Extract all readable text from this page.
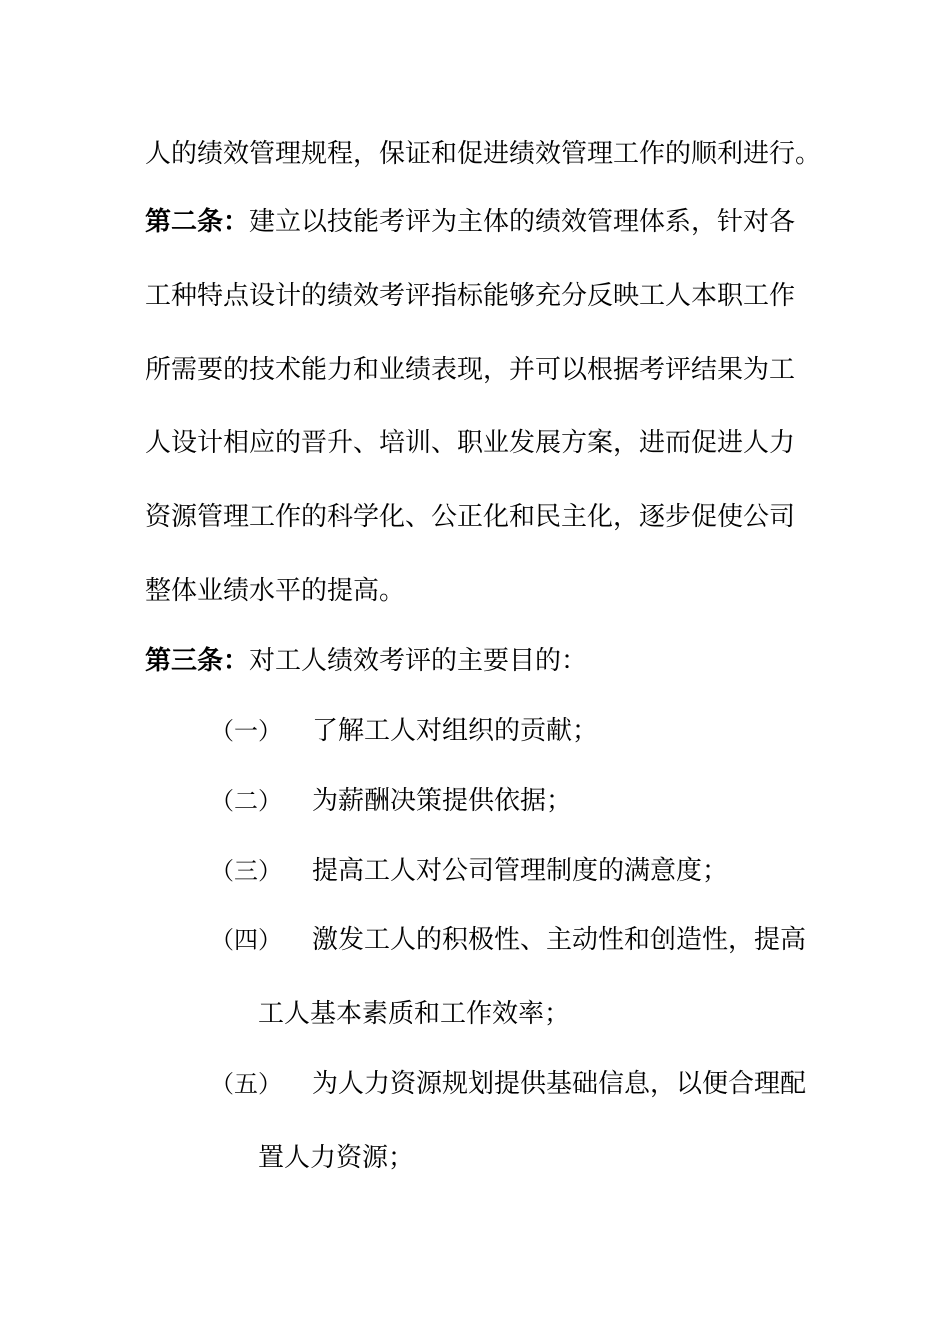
人的绩效管理规程，保证和促进绩效管理工作的顺利进行。
第二条：建立以技能考评为主体的绩效管理体系，针对各
工种特点设计的绩效考评指标能够充分反映工人本职工作
所需要的技术能力和业绩表现，并可以根据考评结果为工
人设计相应的晋升、培训、职业发展方案，进而促进人力
资源管理工作的科学化、公正化和民主化，逐步促使公司
整体业绩水平的提高。
第三条：对工人绩效考评的主要目的：
（一） 了解工人对组织的贡献；
（二） 为薪酬决策提供依据；
（三） 提高工人对公司管理制度的满意度；
（四） 激发工人的积极性、主动性和创造性，提高
工人基本素质和工作效率；
（五） 为人力资源规划提供基础信息，以便合理配
置人力资源；
